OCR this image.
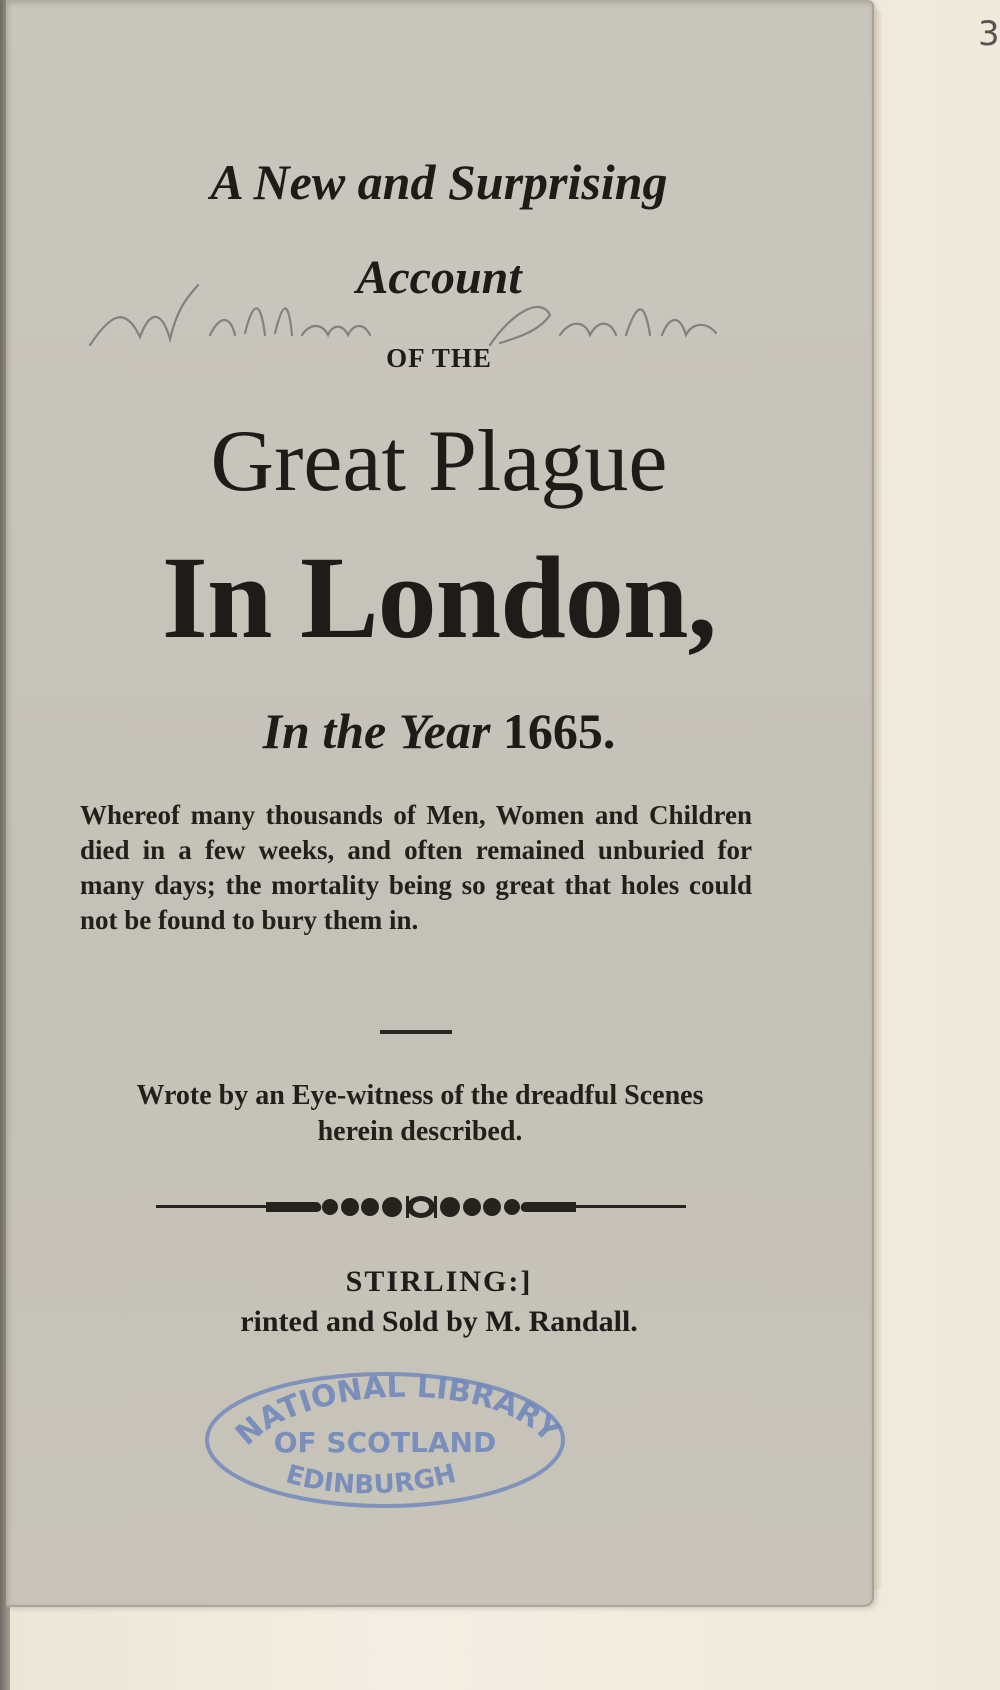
3
A New and Surprising
Account
OF THE
Great Plague
In London,
In the Year 1665.
Whereof many thousands of Men, Women and Children died in a few weeks, and often remained unburied for many days; the mortality being so great that holes could not be found to bury them in.
Wrote by an Eye-witness of the dreadful Scenes herein described.
STIRLING:]
rinted and Sold by M. Randall.
NATIONAL LIBRARY
OF SCOTLAND
EDINBURGH
